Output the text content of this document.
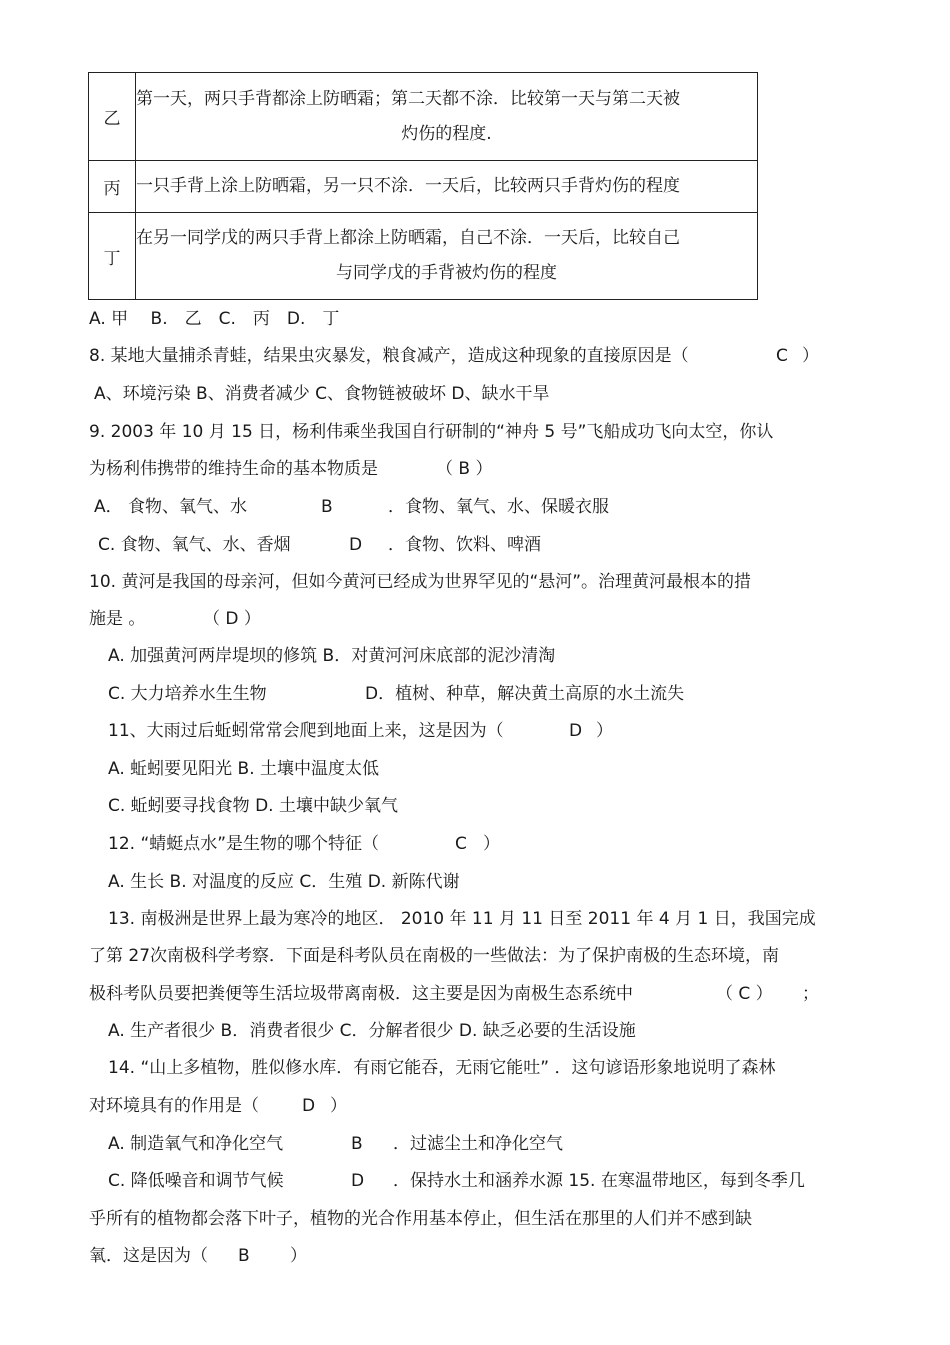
乙	第一天，两只手背都涂上防晒霜；第二天都不涂．比较第一天与第二天被
灼伤的程度.

丙	一只手背上涂上防晒霜，另一只不涂．一天后，比较两只手背灼伤的程度

丁	在另一同学戊的两只手背上都涂上防晒霜，自己不涂．一天后，比较自己
与同学戊的手背被灼伤的程度
A. 甲　 B.　乙　C.　丙　D.　丁
8. 某地大量捕杀青蛙，结果虫灾暴发，粮食减产，造成这种现象的直接原因是（	C ）
A、环境污染 B、消费者减少 C、食物链被破坏 D、缺水干旱
9. 2003 年 10 月 15 日，杨利伟乘坐我国自行研制的“神舟 5 号”飞船成功飞向太空，你认
为杨利伟携带的维持生命的基本物质是	（ B ）
A． 食物、氧气、水	B	．食物、氧气、水、保暖衣服
C. 食物、氧气、水、香烟	D ．食物、饮料、啤酒
10. 黄河是我国的母亲河，但如今黄河已经成为世界罕见的“悬河”。治理黄河最根本的措
施是 。	（ D ）
A. 加强黄河两岸堤坝的修筑 B．对黄河河床底部的泥沙清淘
C. 大力培养水生生物	D．植树、种草，解决黄土高原的水土流失
11、大雨过后蚯蚓常常会爬到地面上来，这是因为（	D ）
A. 蚯蚓要见阳光 B. 土壤中温度太低
C. 蚯蚓要寻找食物 D. 土壤中缺少氧气
12. “蜻蜓点水”是生物的哪个特征（	C ）
A. 生长 B. 对温度的反应 C．生殖 D. 新陈代谢
13. 南极洲是世界上最为寒冷的地区． 2010 年 11 月 11 日至 2011 年 4 月 1 日，我国完成
了第 27次南极科学考察．下面是科考队员在南极的一些做法：为了保护南极的生态环境，南
极科考队员要把粪便等生活垃圾带离南极．这主要是因为南极生态系统中	（ C ） ；
A. 生产者很少 B．消费者很少 C．分解者很少 D. 缺乏必要的生活设施
14. “山上多植物，胜似修水库．有雨它能吞，无雨它能吐” ．这句谚语形象地说明了森林
对环境具有的作用是（	D ）
A. 制造氧气和净化空气	B ．过滤尘土和净化空气
C. 降低噪音和调节气候	D ．保持水土和涵养水源 15. 在寒温带地区，每到冬季几
乎所有的植物都会落下叶子，植物的光合作用基本停止，但生活在那里的人们并不感到缺
氧．这是因为（ B ）
